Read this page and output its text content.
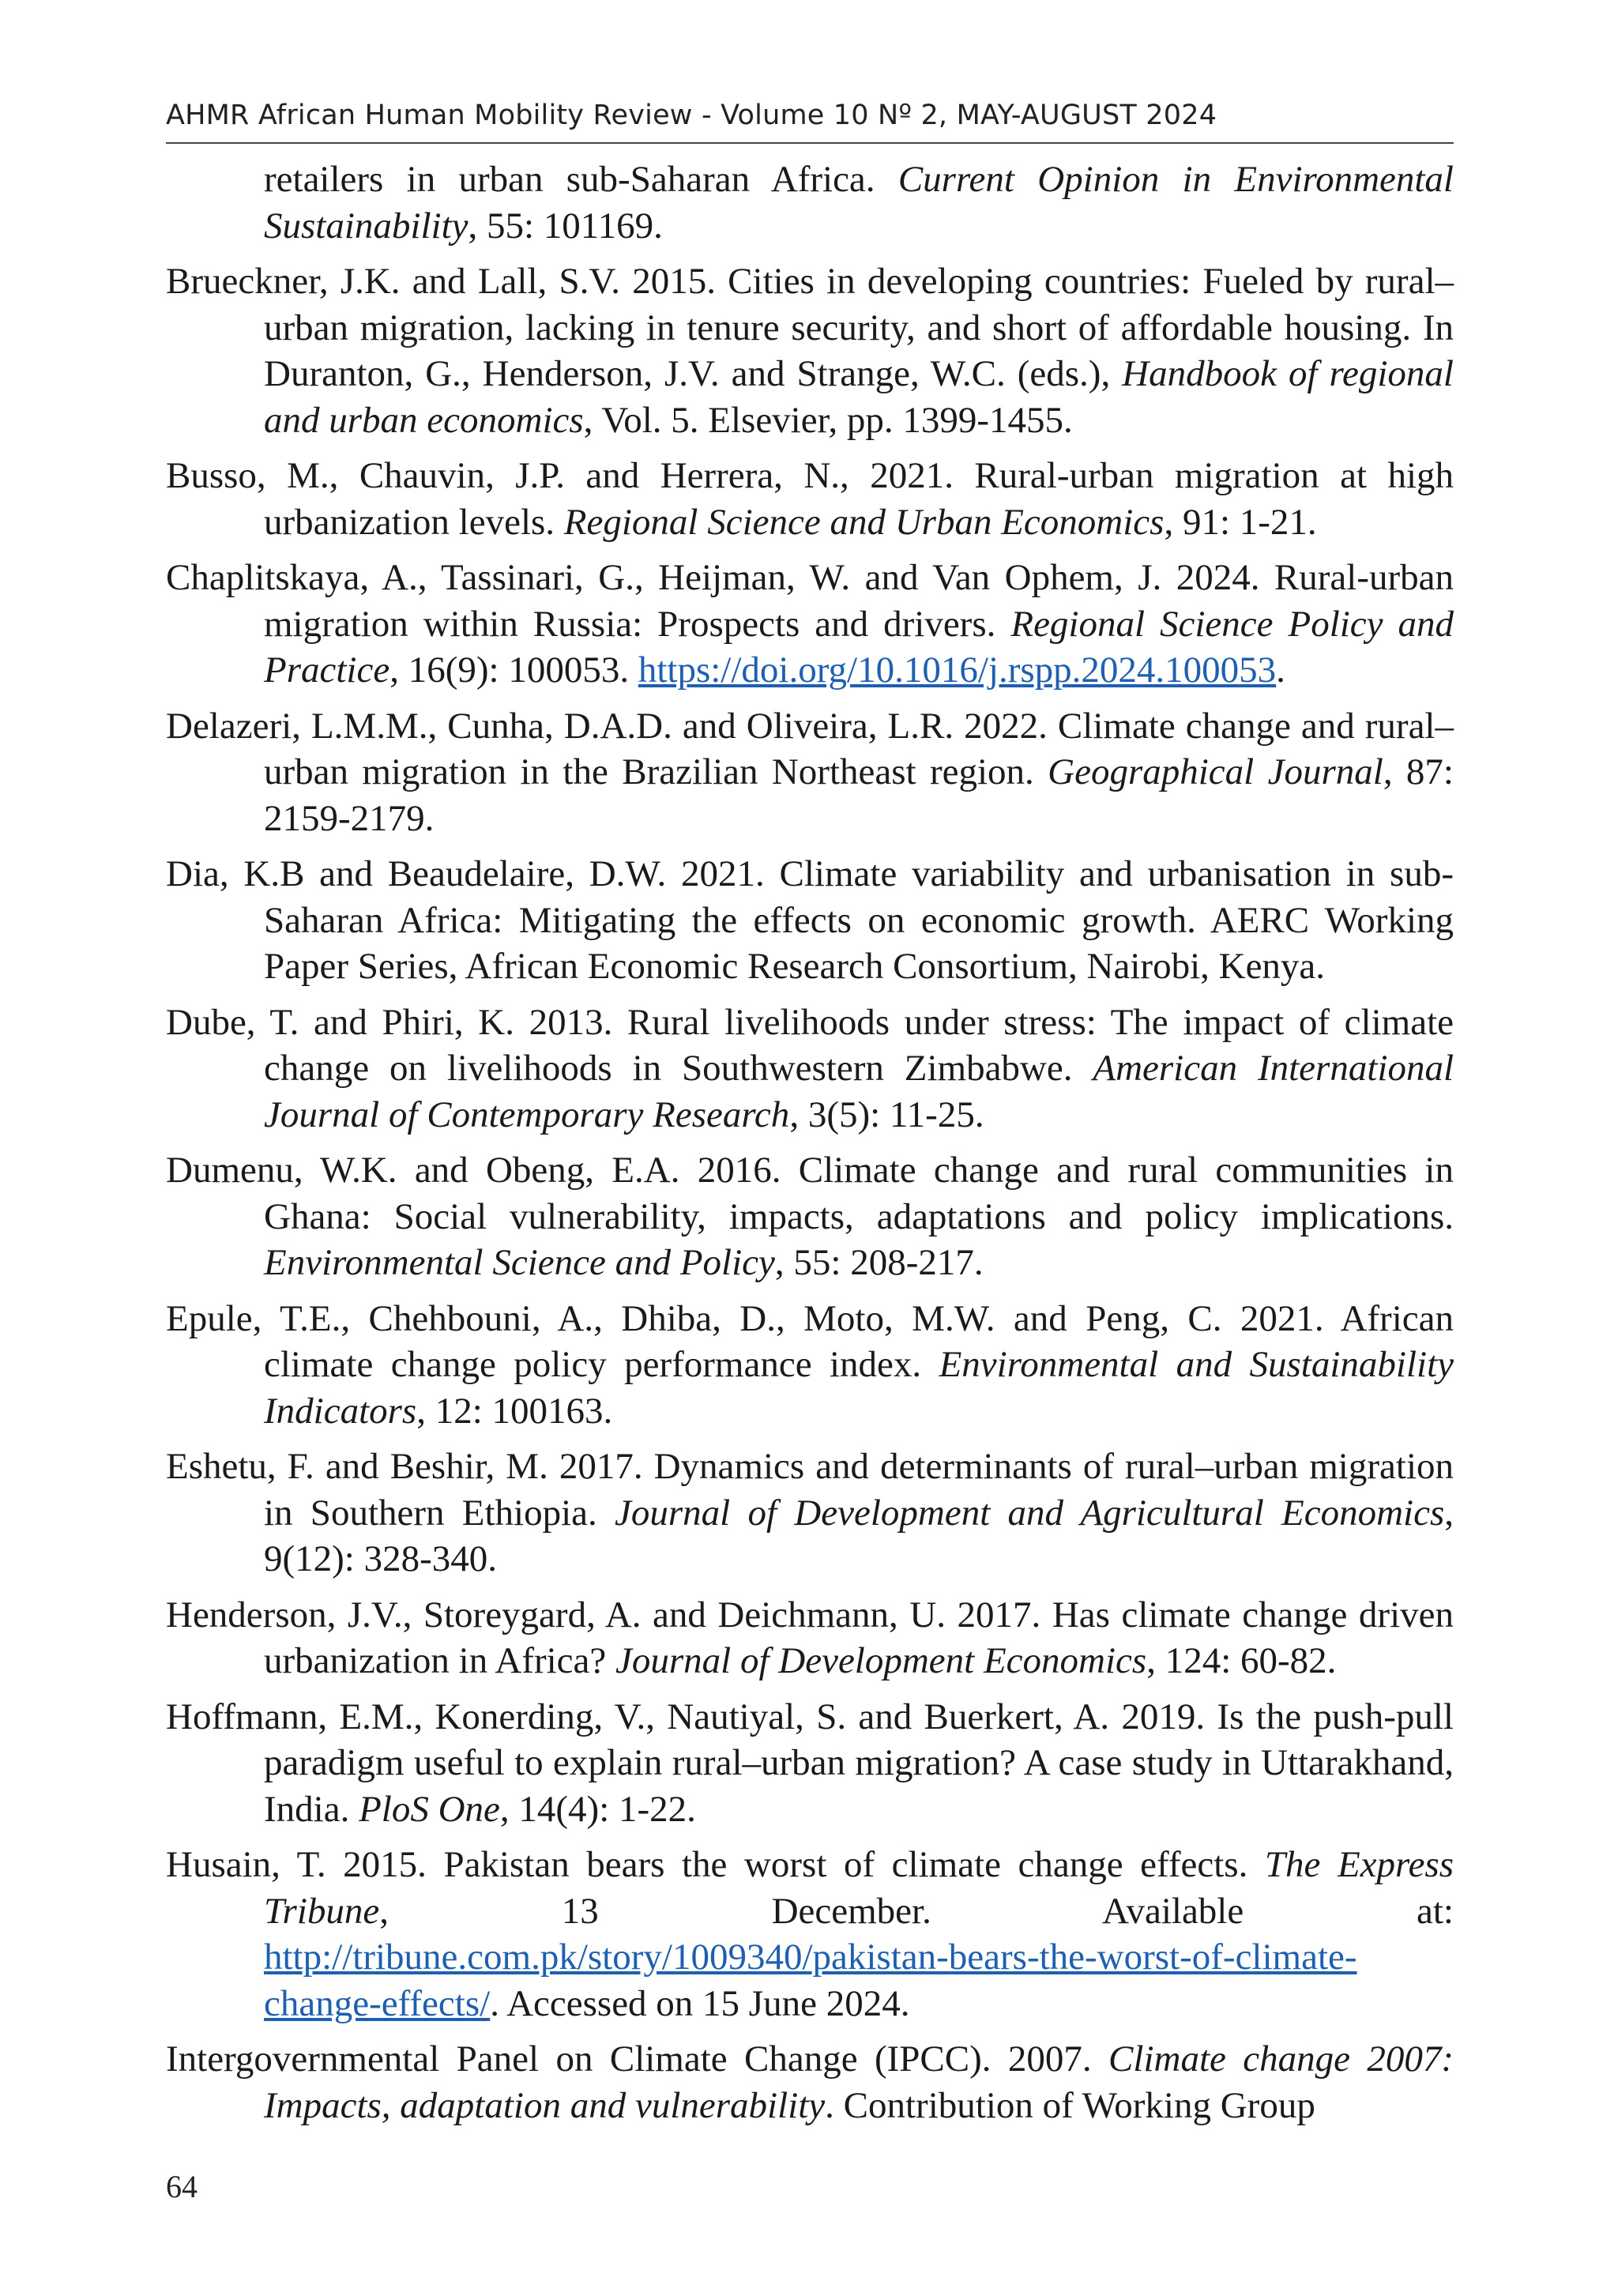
AHMR African Human Mobility Review - Volume 10 Nº 2, MAY-AUGUST 2024

retailers in urban sub-Saharan Africa. Current Opinion in Environmental Sustainability, 55: 101169.

Brueckner, J.K. and Lall, S.V. 2015. Cities in developing countries: Fueled by rural–urban migration, lacking in tenure security, and short of affordable housing. In Duranton, G., Henderson, J.V. and Strange, W.C. (eds.), Handbook of regional and urban economics, Vol. 5. Elsevier, pp. 1399-1455.

Busso, M., Chauvin, J.P. and Herrera, N., 2021. Rural-urban migration at high urbanization levels. Regional Science and Urban Economics, 91: 1-21.

Chaplitskaya, A., Tassinari, G., Heijman, W. and Van Ophem, J. 2024. Rural-urban migration within Russia: Prospects and drivers. Regional Science Policy and Practice, 16(9): 100053. https://doi.org/10.1016/j.rspp.2024.100053.

Delazeri, L.M.M., Cunha, D.A.D. and Oliveira, L.R. 2022. Climate change and rural–urban migration in the Brazilian Northeast region. Geographical Journal, 87: 2159-2179.

Dia, K.B and Beaudelaire, D.W. 2021. Climate variability and urbanisation in sub-Saharan Africa: Mitigating the effects on economic growth. AERC Working Paper Series, African Economic Research Consortium, Nairobi, Kenya.

Dube, T. and Phiri, K. 2013. Rural livelihoods under stress: The impact of climate change on livelihoods in Southwestern Zimbabwe. American International Journal of Contemporary Research, 3(5): 11-25.

Dumenu, W.K. and Obeng, E.A. 2016. Climate change and rural communities in Ghana: Social vulnerability, impacts, adaptations and policy implications. Environmental Science and Policy, 55: 208-217.

Epule, T.E., Chehbouni, A., Dhiba, D., Moto, M.W. and Peng, C. 2021. African climate change policy performance index. Environmental and Sustainability Indicators, 12: 100163.

Eshetu, F. and Beshir, M. 2017. Dynamics and determinants of rural–urban migration in Southern Ethiopia. Journal of Development and Agricultural Economics, 9(12): 328-340.

Henderson, J.V., Storeygard, A. and Deichmann, U. 2017. Has climate change driven urbanization in Africa? Journal of Development Economics, 124: 60-82.

Hoffmann, E.M., Konerding, V., Nautiyal, S. and Buerkert, A. 2019. Is the push-pull paradigm useful to explain rural–urban migration? A case study in Uttarakhand, India. PloS One, 14(4): 1-22.

Husain, T. 2015. Pakistan bears the worst of climate change effects. The Express Tribune, 13 December. Available at: http://tribune.com.pk/story/1009340/pakistan-bears-the-worst-of-climate-change-effects/. Accessed on 15 June 2024.

Intergovernmental Panel on Climate Change (IPCC). 2007. Climate change 2007: Impacts, adaptation and vulnerability. Contribution of Working Group

64
